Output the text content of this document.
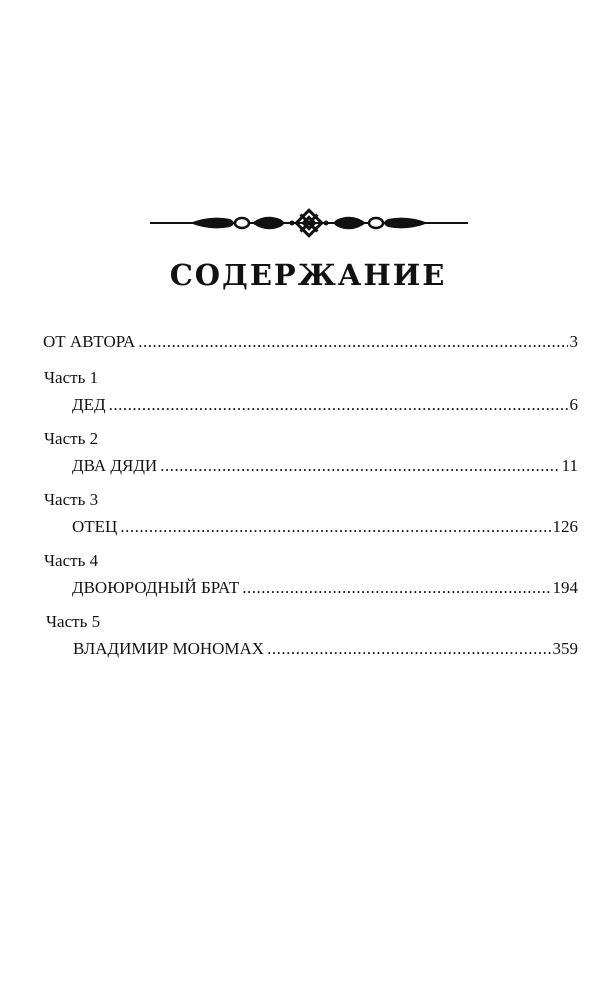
СОДЕРЖАНИЕ
ОТ АВТОРА .....	3
Часть 1
ДЕД .....	6
Часть 2
ДВА ДЯДИ .....	11
Часть 3
ОТЕЦ .....	126
Часть 4
ДВОЮРОДНЫЙ БРАТ .....	194
Часть 5
ВЛАДИМИР МОНОМАХ .....	359
